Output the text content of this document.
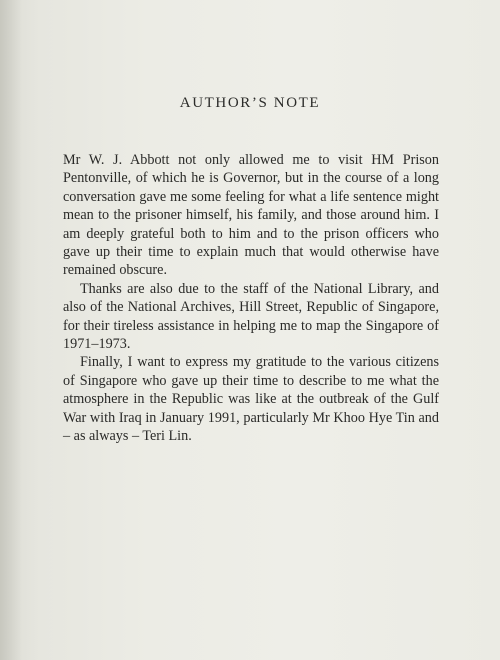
AUTHOR’S NOTE

Mr W. J. Abbott not only allowed me to visit HM Prison Pentonville, of which he is Governor, but in the course of a long conversation gave me some feeling for what a life sentence might mean to the prisoner himself, his family, and those around him. I am deeply grateful both to him and to the prison officers who gave up their time to explain much that would otherwise have remained obscure.

Thanks are also due to the staff of the National Library, and also of the National Archives, Hill Street, Republic of Singapore, for their tireless assistance in helping me to map the Singapore of 1971–1973.

Finally, I want to express my gratitude to the various citizens of Singapore who gave up their time to describe to me what the atmosphere in the Republic was like at the outbreak of the Gulf War with Iraq in January 1991, particularly Mr Khoo Hye Tin and – as always – Teri Lin.
